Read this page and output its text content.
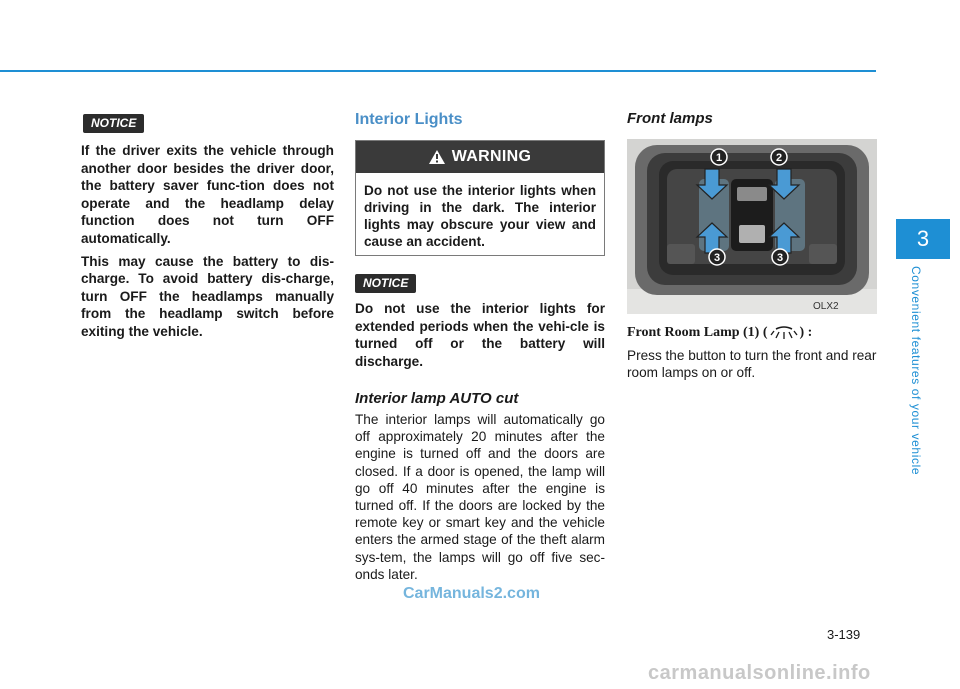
NOTICE

If the driver exits the vehicle through another door besides the driver door, the battery saver func-tion does not operate and the headlamp delay function does not turn OFF automatically.

This may cause the battery to dis-charge. To avoid battery dis-charge, turn OFF the headlamps manually from the headlamp switch before exiting the vehicle.

Interior Lights
WARNING

Do not use the interior lights when driving in the dark. The interior lights may obscure your view and cause an accident.

NOTICE

Do not use the interior lights for extended periods when the vehi-cle is turned off or the battery will discharge.

Interior lamp AUTO cut

The interior lamps will automatically go off approximately 20 minutes after the engine is turned off and the doors are closed. If a door is opened, the lamp will go off 40 minutes after the engine is turned off. If the doors are locked by the remote key or smart key and the vehicle enters the armed stage of the theft alarm sys-tem, the lamps will go off five sec-onds later.

Front lamps
1	2
3	3
OLX2
Front Room Lamp (1) ( ) :

Press the button to turn the front and rear room lamps on or off.

3
Convenient features of your vehicle
3-139
CarManuals2.com
carmanualsonline.info
